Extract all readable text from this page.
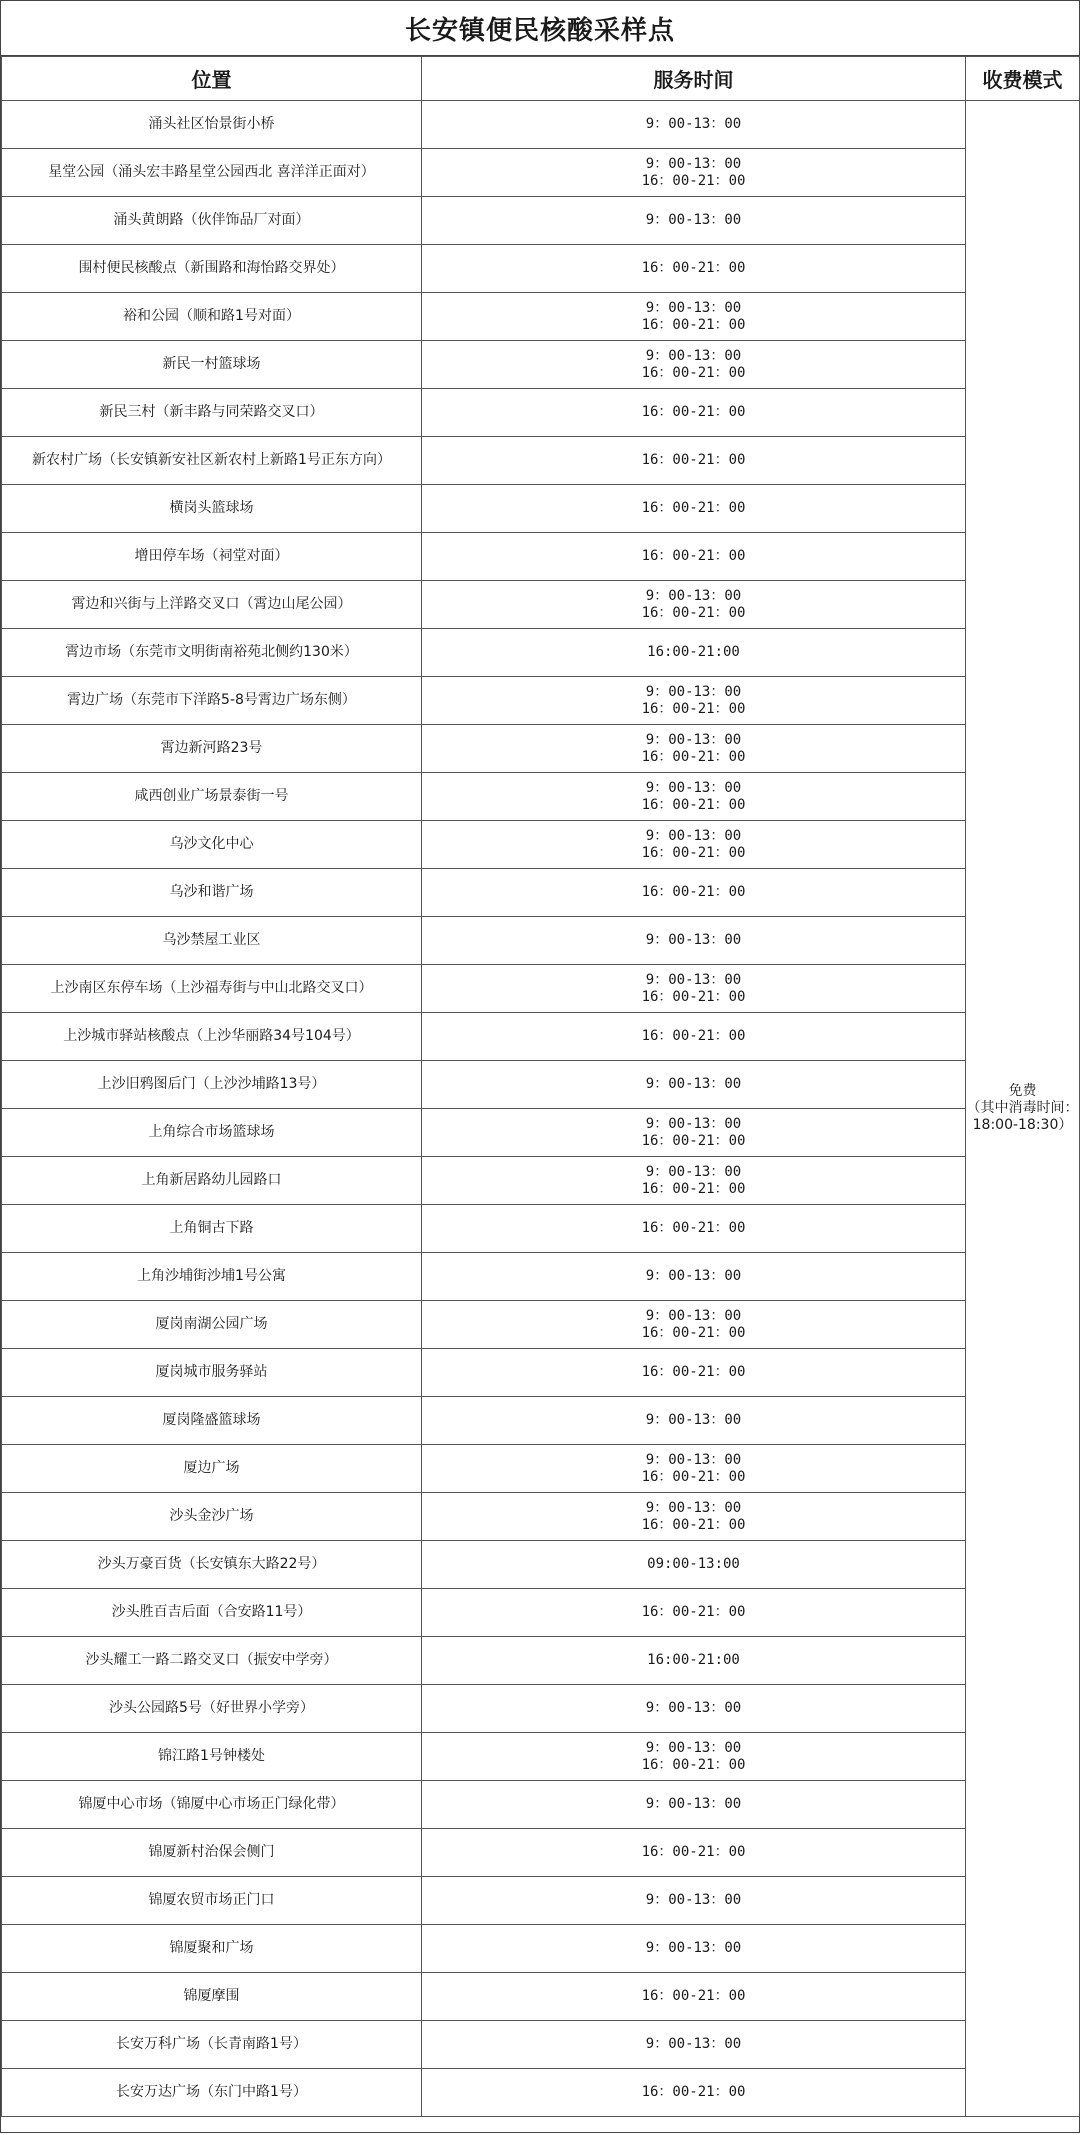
长安镇便民核酸采样点
位置	服务时间	收费模式
涌头社区怡景街小桥	9：00-13：00	免费
（其中消毒时间：18:00-18:30）

星堂公园（涌头宏丰路星堂公园西北 喜洋洋正面对）	9：00-13：00
16：00-21：00	

涌头黄朗路（伙伴饰品厂对面）	9：00-13：00	

围村便民核酸点（新围路和海怡路交界处）	16：00-21：00	

裕和公园（顺和路1号对面）	9：00-13：00
16：00-21：00	

新民一村篮球场	9：00-13：00
16：00-21：00	

新民三村（新丰路与同荣路交叉口）	16：00-21：00	

新农村广场（长安镇新安社区新农村上新路1号正东方向）	16：00-21：00	

横岗头篮球场	16：00-21：00	

增田停车场（祠堂对面）	16：00-21：00	

霄边和兴街与上洋路交叉口（霄边山尾公园）	9：00-13：00
16：00-21：00	

霄边市场（东莞市文明街南裕苑北侧约130米）	16:00-21:00	

霄边广场（东莞市下洋路5-8号霄边广场东侧）	9：00-13：00
16：00-21：00	

霄边新河路23号	9：00-13：00
16：00-21：00	

咸西创业广场景泰街一号	9：00-13：00
16：00-21：00	

乌沙文化中心	9：00-13：00
16：00-21：00	

乌沙和谐广场	16：00-21：00	

乌沙禁屋工业区	9：00-13：00	

上沙南区东停车场（上沙福寿街与中山北路交叉口）	9：00-13：00
16：00-21：00	

上沙城市驿站核酸点（上沙华丽路34号104号）	16：00-21：00	

上沙旧鸦图后门（上沙沙埔路13号）	9：00-13：00	

上角综合市场篮球场	9：00-13：00
16：00-21：00	

上角新居路幼儿园路口	9：00-13：00
16：00-21：00	

上角铜古下路	16：00-21：00	

上角沙埔街沙埔1号公寓	9：00-13：00	

厦岗南湖公园广场	9：00-13：00
16：00-21：00	

厦岗城市服务驿站	16：00-21：00	

厦岗隆盛篮球场	9：00-13：00	

厦边广场	9：00-13：00
16：00-21：00	

沙头金沙广场	9：00-13：00
16：00-21：00	

沙头万豪百货（长安镇东大路22号）	09:00-13:00	

沙头胜百吉后面（合安路11号）	16：00-21：00	

沙头耀工一路二路交叉口（振安中学旁）	16:00-21:00	

沙头公园路5号（好世界小学旁）	9：00-13：00	

锦江路1号钟楼处	9：00-13：00
16：00-21：00	

锦厦中心市场（锦厦中心市场正门绿化带）	9：00-13：00	

锦厦新村治保会侧门	16：00-21：00	

锦厦农贸市场正门口	9：00-13：00	

锦厦聚和广场	9：00-13：00	

锦厦摩围	16：00-21：00	

长安万科广场（长青南路1号）	9：00-13：00	

长安万达广场（东门中路1号）	16：00-21：00	
